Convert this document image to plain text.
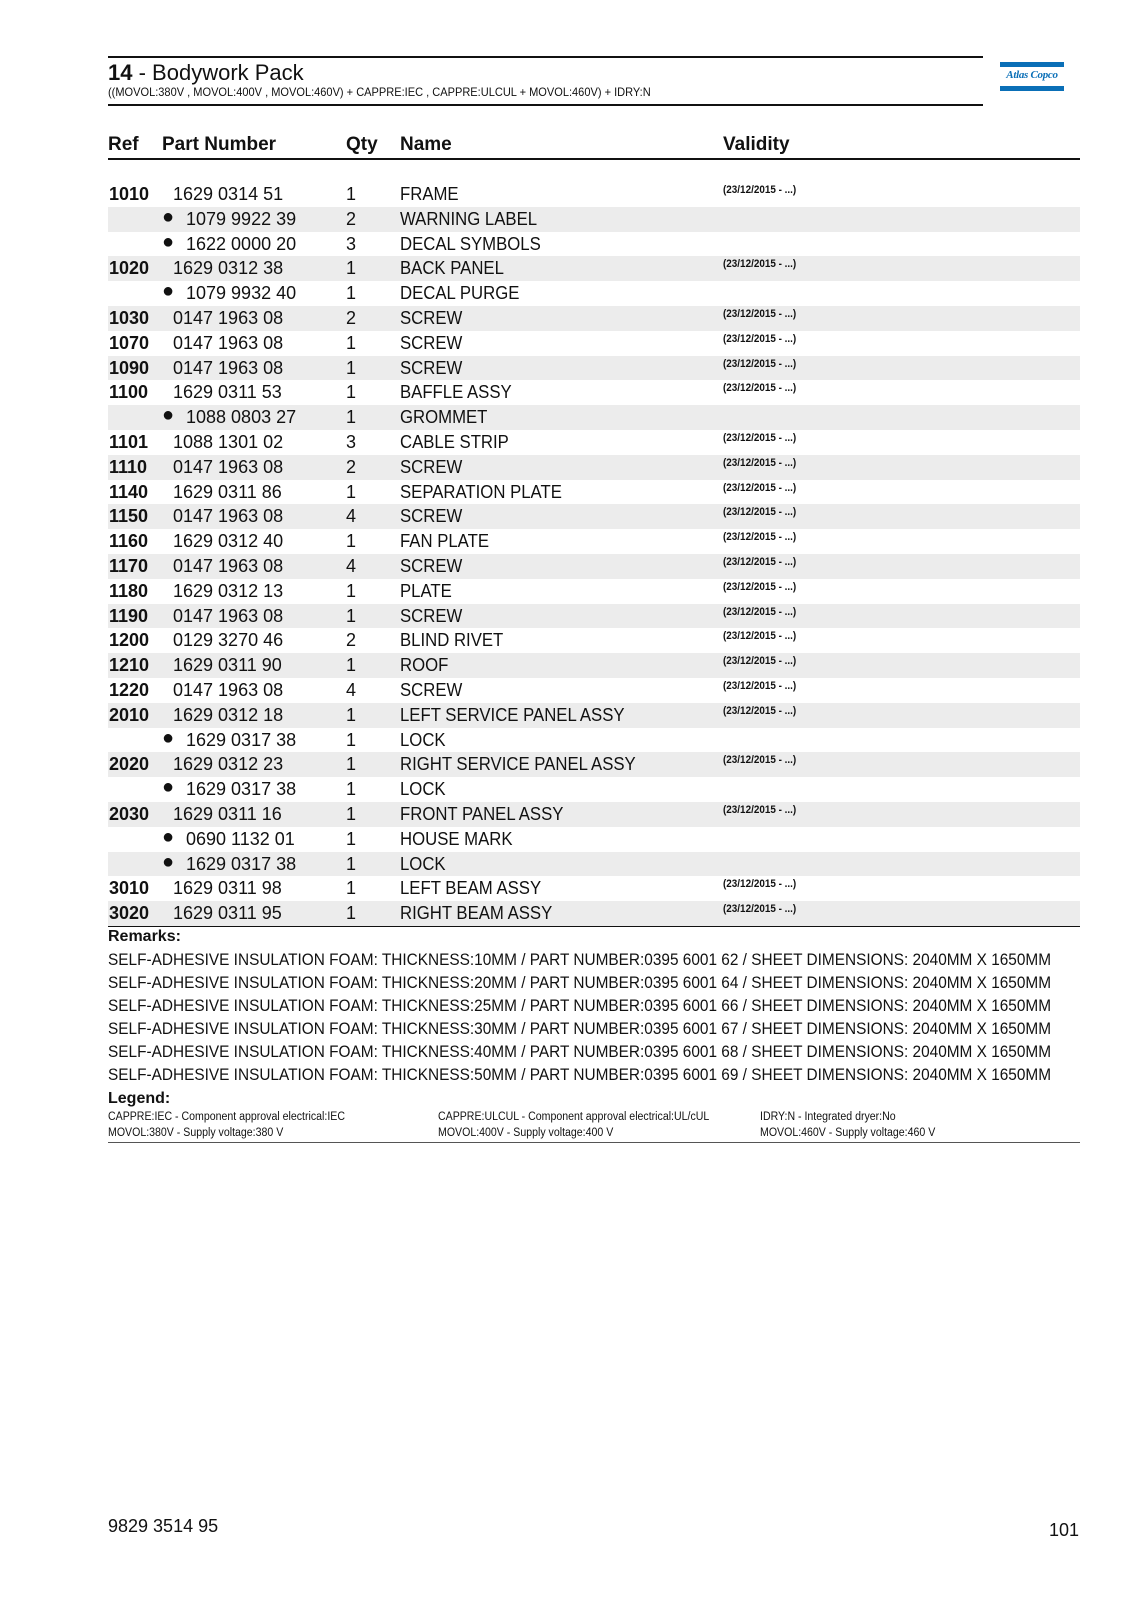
14 - Bodywork Pack
((MOVOL:380V , MOVOL:400V , MOVOL:460V) + CAPPRE:IEC , CAPPRE:ULCUL + MOVOL:460V) + IDRY:N
Atlas Copco
Ref Part Number	Qty Name	Validity
1010 1629 0314 51	1 FRAME	(23/12/2015 - ...)
● 1079 9922 39	2 WARNING LABEL
● 1622 0000 20	3 DECAL SYMBOLS
1020 1629 0312 38	1 BACK PANEL	(23/12/2015 - ...)
● 1079 9932 40	1 DECAL PURGE
1030 0147 1963 08	2 SCREW	(23/12/2015 - ...)
1070 0147 1963 08	1 SCREW	(23/12/2015 - ...)
1090 0147 1963 08	1 SCREW	(23/12/2015 - ...)
1100 1629 0311 53	1 BAFFLE ASSY	(23/12/2015 - ...)
● 1088 0803 27	1 GROMMET
1101 1088 1301 02	3 CABLE STRIP	(23/12/2015 - ...)
1110 0147 1963 08	2 SCREW	(23/12/2015 - ...)
1140 1629 0311 86	1 SEPARATION PLATE	(23/12/2015 - ...)
1150 0147 1963 08	4 SCREW	(23/12/2015 - ...)
1160 1629 0312 40	1 FAN PLATE	(23/12/2015 - ...)
1170 0147 1963 08	4 SCREW	(23/12/2015 - ...)
1180 1629 0312 13	1 PLATE	(23/12/2015 - ...)
1190 0147 1963 08	1 SCREW	(23/12/2015 - ...)
1200 0129 3270 46	2 BLIND RIVET	(23/12/2015 - ...)
1210 1629 0311 90	1 ROOF	(23/12/2015 - ...)
1220 0147 1963 08	4 SCREW	(23/12/2015 - ...)
2010 1629 0312 18	1 LEFT SERVICE PANEL ASSY	(23/12/2015 - ...)
● 1629 0317 38	1 LOCK
2020 1629 0312 23	1 RIGHT SERVICE PANEL ASSY	(23/12/2015 - ...)
● 1629 0317 38	1 LOCK
2030 1629 0311 16	1 FRONT PANEL ASSY	(23/12/2015 - ...)
● 0690 1132 01	1 HOUSE MARK
● 1629 0317 38	1 LOCK
3010 1629 0311 98	1 LEFT BEAM ASSY	(23/12/2015 - ...)
3020 1629 0311 95	1 RIGHT BEAM ASSY	(23/12/2015 - ...)
Remarks:
SELF-ADHESIVE INSULATION FOAM: THICKNESS:10MM / PART NUMBER:0395 6001 62 / SHEET DIMENSIONS: 2040MM X 1650MM
SELF-ADHESIVE INSULATION FOAM: THICKNESS:20MM / PART NUMBER:0395 6001 64 / SHEET DIMENSIONS: 2040MM X 1650MM
SELF-ADHESIVE INSULATION FOAM: THICKNESS:25MM / PART NUMBER:0395 6001 66 / SHEET DIMENSIONS: 2040MM X 1650MM
SELF-ADHESIVE INSULATION FOAM: THICKNESS:30MM / PART NUMBER:0395 6001 67 / SHEET DIMENSIONS: 2040MM X 1650MM
SELF-ADHESIVE INSULATION FOAM: THICKNESS:40MM / PART NUMBER:0395 6001 68 / SHEET DIMENSIONS: 2040MM X 1650MM
SELF-ADHESIVE INSULATION FOAM: THICKNESS:50MM / PART NUMBER:0395 6001 69 / SHEET DIMENSIONS: 2040MM X 1650MM
Legend:
CAPPRE:IEC - Component approval electrical:IEC	CAPPRE:ULCUL - Component approval electrical:UL/cUL	IDRY:N - Integrated dryer:No
MOVOL:380V - Supply voltage:380 V	MOVOL:400V - Supply voltage:400 V	MOVOL:460V - Supply voltage:460 V
9829 3514 95	101
